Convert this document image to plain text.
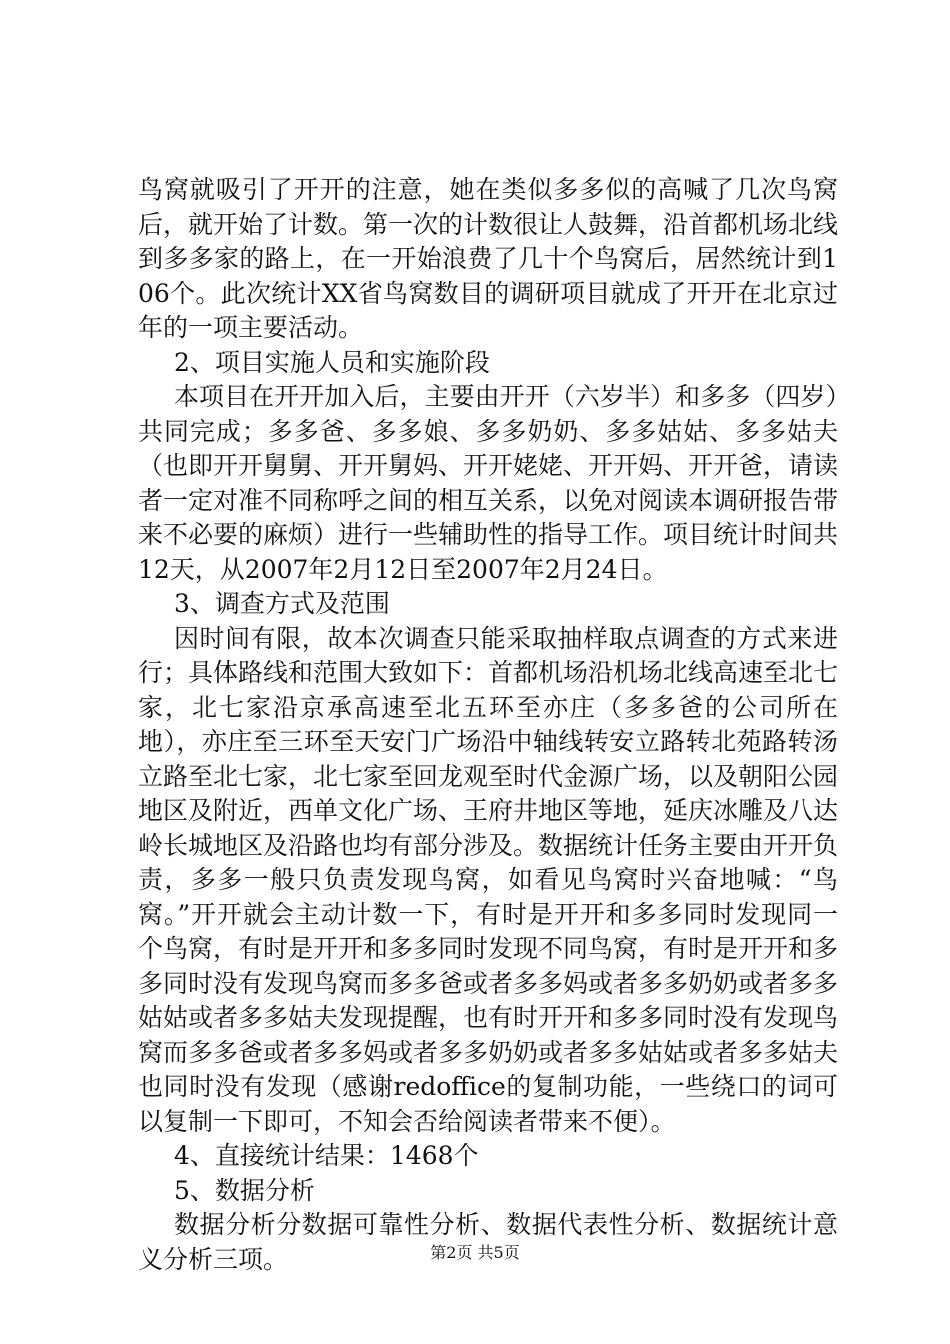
鸟窝就吸引了开开的注意，她在类似多多似的高喊了几次鸟窝后，就开始了计数。第一次的计数很让人鼓舞，沿首都机场北线到多多家的路上，在一开始浪费了几十个鸟窝后，居然统计到106个。此次统计XX省鸟窝数目的调研项目就成了开开在北京过年的一项主要活动。

2、项目实施人员和实施阶段

本项目在开开加入后，主要由开开（六岁半）和多多（四岁）共同完成；多多爸、多多娘、多多奶奶、多多姑姑、多多姑夫（也即开开舅舅、开开舅妈、开开姥姥、开开妈、开开爸，请读者一定对准不同称呼之间的相互关系，以免对阅读本调研报告带来不必要的麻烦）进行一些辅助性的指导工作。项目统计时间共12天，从2007年2月12日至2007年2月24日。

3、调查方式及范围

因时间有限，故本次调查只能采取抽样取点调查的方式来进行；具体路线和范围大致如下：首都机场沿机场北线高速至北七家，北七家沿京承高速至北五环至亦庄（多多爸的公司所在地），亦庄至三环至天安门广场沿中轴线转安立路转北苑路转汤立路至北七家，北七家至回龙观至时代金源广场，以及朝阳公园地区及附近，西单文化广场、王府井地区等地，延庆冰雕及八达岭长城地区及沿路也均有部分涉及。数据统计任务主要由开开负责，多多一般只负责发现鸟窝，如看见鸟窝时兴奋地喊：“鸟窝。”开开就会主动计数一下，有时是开开和多多同时发现同一个鸟窝，有时是开开和多多同时发现不同鸟窝，有时是开开和多多同时没有发现鸟窝而多多爸或者多多妈或者多多奶奶或者多多姑姑或者多多姑夫发现提醒，也有时开开和多多同时没有发现鸟窝而多多爸或者多多妈或者多多奶奶或者多多姑姑或者多多姑夫也同时没有发现（感谢redoffice的复制功能，一些绕口的词可以复制一下即可，不知会否给阅读者带来不便）。

4、直接统计结果：1468个

5、数据分析

数据分析分数据可靠性分析、数据代表性分析、数据统计意义分析三项。	第2页 共5页
